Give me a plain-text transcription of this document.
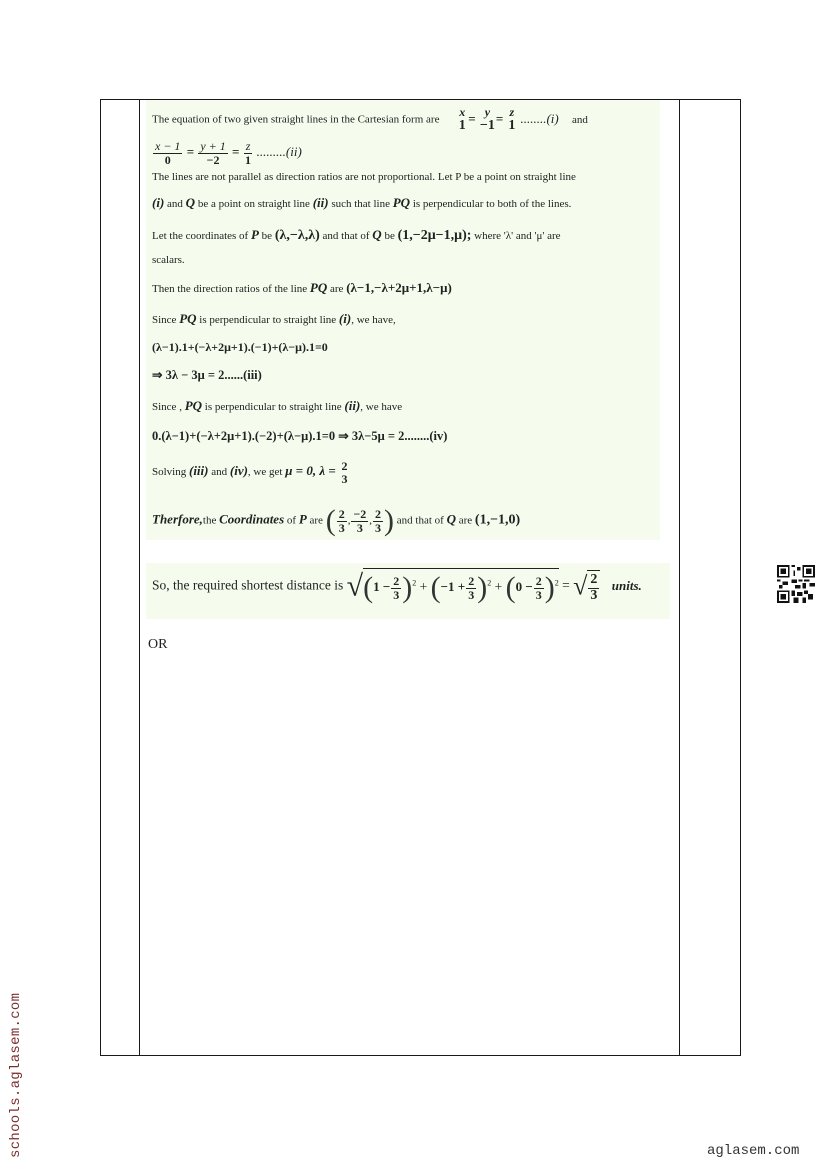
The equation of two given straight lines in the Cartesian form are
x
1 = y
−1 = z
1 ........(i) and
$\frac{x - 1}{0} = \frac{y + 1}{-2} = \frac{z}{1} .........(ii)$
The lines are not parallel as direction ratios are not proportional. Let P be a point on straight line
(i) and Q be a point on straight line (ii) such that line PQ is perpendicular to both of the lines.
Let the coordinates of P be (λ,−λ,λ) and that of Q be (1,−2μ−1,μ); where 'λ' and 'μ' are
scalars.
Then the direction ratios of the line PQ are (λ−1,−λ+2μ+1,λ−μ)
Since PQ is perpendicular to straight line (i), we have,
(λ−1).1+(−λ+2μ+1).(−1)+(λ−μ).1=0
⇒ 3λ − 3μ = 2......(iii)
Since , PQ is perpendicular to straight line (ii), we have
0.(λ−1)+(−λ+2μ+1).(−2)+(λ−μ).1=0 ⇒ 3λ−5μ = 2........(iv)
Solving (iii) and (iv), we get μ = 0, λ = 2
3
Therfore,the Coordinates of P are ( $\frac{2}{3}$ , $\frac{-2}{3}$ , $\frac{2}{3}$ ) and that of Q are (1,−1,0)
So, the required shortest distance is $√(1 - \frac{2}{3} )^2 + (-1 + \frac{2}{3} )^2 + (0 - \frac{2}{3} )^2$ = √ $\frac{2}{3}$ units.
OR
schools.aglasem.com	aglasem.com
